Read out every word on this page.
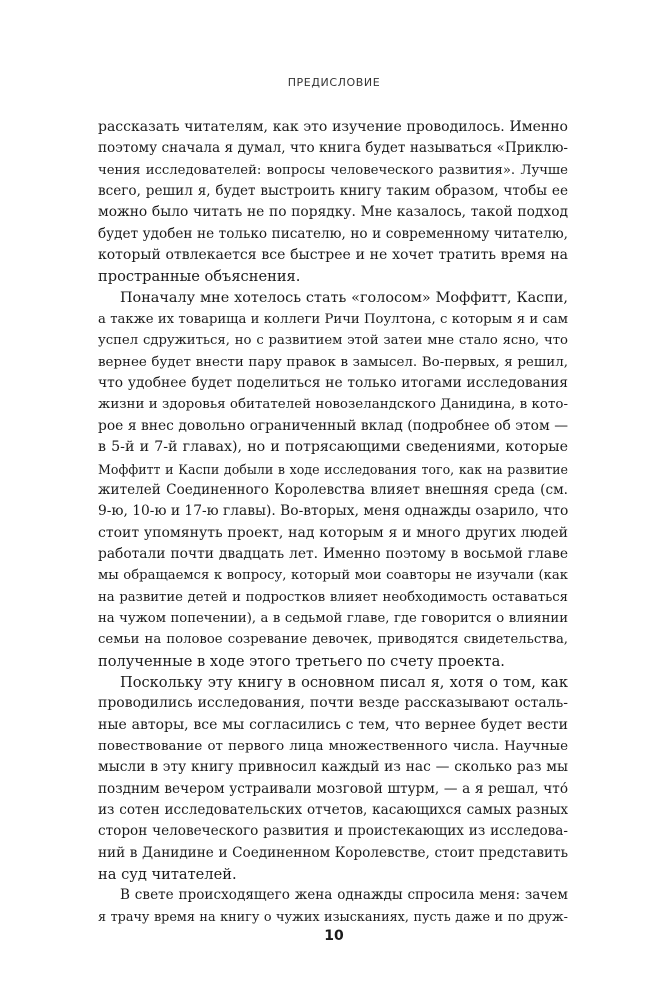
ПРЕДИСЛОВИЕ
рассказать читателям, как это изучение проводилось. Именно
поэтому сначала я думал, что книга будет называться «Приклю-
чения исследователей: вопросы человеческого развития». Лучше
всего, решил я, будет выстроить книгу таким образом, чтобы ее
можно было читать не по порядку. Мне казалось, такой подход
будет удобен не только писателю, но и современному читателю,
который отвлекается все быстрее и не хочет тратить время на
пространные объяснения.
Поначалу мне хотелось стать «голосом» Моффитт, Каспи,
а также их товарища и коллеги Ричи Поултона, с которым я и сам
успел сдружиться, но с развитием этой затеи мне стало ясно, что
вернее будет внести пару правок в замысел. Во-первых, я решил,
что удобнее будет поделиться не только итогами исследования
жизни и здоровья обитателей новозеландского Данидина, в кото-
рое я внес довольно ограниченный вклад (подробнее об этом —
в 5-й и 7-й главах), но и потрясающими сведениями, которые
Моффитт и Каспи добыли в ходе исследования того, как на развитие
жителей Соединенного Королевства влияет внешняя среда (см.
9-ю, 10-ю и 17-ю главы). Во-вторых, меня однажды озарило, что
стоит упомянуть проект, над которым я и много других людей
работали почти двадцать лет. Именно поэтому в восьмой главе
мы обращаемся к вопросу, который мои соавторы не изучали (как
на развитие детей и подростков влияет необходимость оставаться
на чужом попечении), а в седьмой главе, где говорится о влиянии
семьи на половое созревание девочек, приводятся свидетельства,
полученные в ходе этого третьего по счету проекта.
Поскольку эту книгу в основном писал я, хотя о том, как
проводились исследования, почти везде рассказывают осталь-
ные авторы, все мы согласились с тем, что вернее будет вести
повествование от первого лица множественного числа. Научные
мысли в эту книгу привносил каждый из нас — сколько раз мы
поздним вечером устраивали мозговой штурм, — а я решал, что́
из сотен исследовательских отчетов, касающихся самых разных
сторон человеческого развития и проистекающих из исследова-
ний в Данидине и Соединенном Королевстве, стоит представить
на суд читателей.
В свете происходящего жена однажды спросила меня: зачем
я трачу время на книгу о чужих изысканиях, пусть даже и по друж-
10
